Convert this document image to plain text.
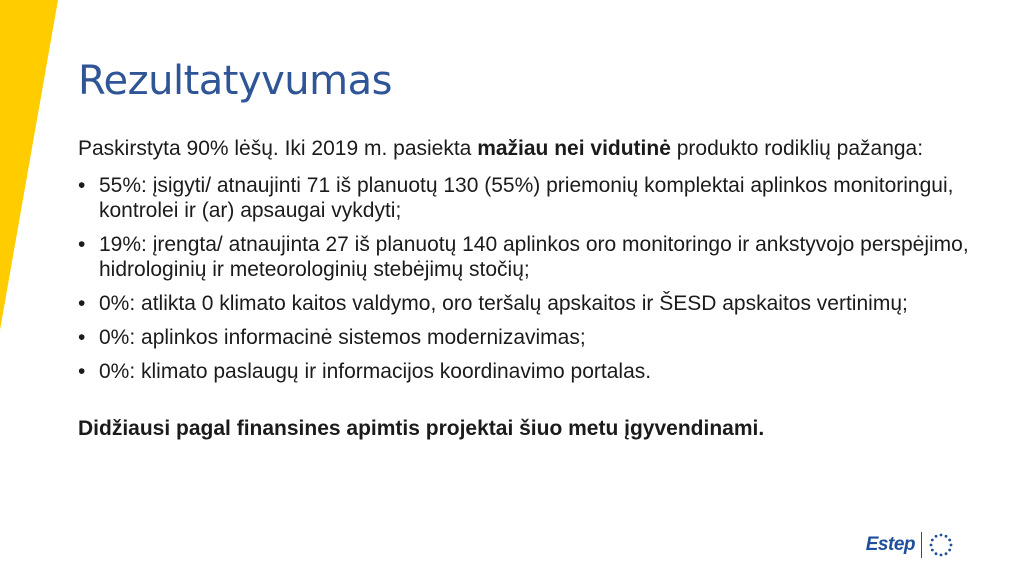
Rezultatyvumas

Paskirstyta 90% lėšų. Iki 2019 m. pasiekta mažiau nei vidutinė produkto rodiklių pažanga:

• 55%: įsigyti/ atnaujinti 71 iš planuotų 130 (55%) priemonių komplektai aplinkos monitoringui, kontrolei ir (ar) apsaugai vykdyti;
• 19%: įrengta/ atnaujinta 27 iš planuotų 140 aplinkos oro monitoringo ir ankstyvojo perspėjimo, hidrologinių ir meteorologinių stebėjimų stočių;
• 0%: atlikta 0 klimato kaitos valdymo, oro teršalų apskaitos ir ŠESD apskaitos vertinimų;
• 0%: aplinkos informacinė sistemos modernizavimas;
• 0%: klimato paslaugų ir informacijos koordinavimo portalas.

Didžiausi pagal finansines apimtis projektai šiuo metu įgyvendinami.

Estep
